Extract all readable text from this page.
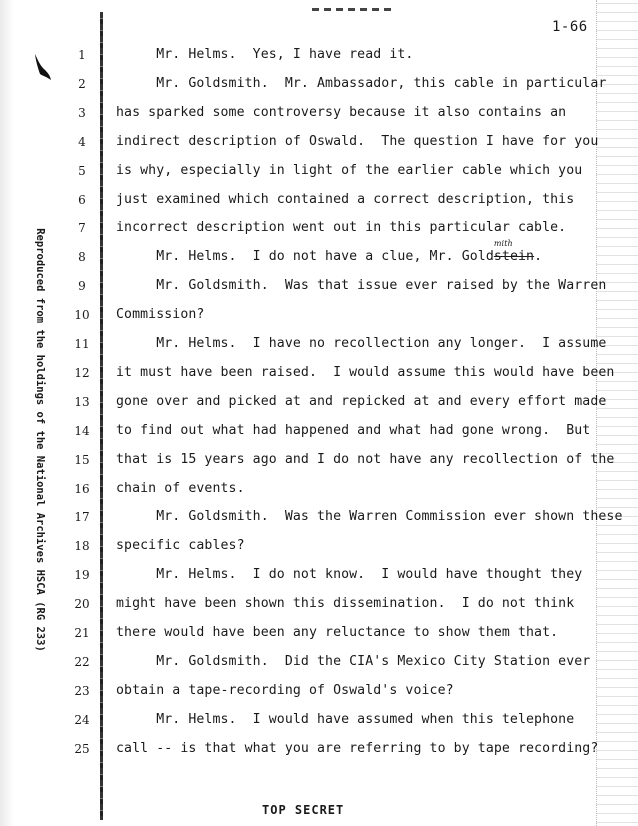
Reproduced from the holdings of the National Archives HSCA (RG 233)
1-66
1	Mr. Helms.  Yes, I have read it.
2	Mr. Goldsmith.  Mr. Ambassador, this cable in particular
3	has sparked some controversy because it also contains an
4	indirect description of Oswald.  The question I have for you
5	is why, especially in light of the earlier cable which you
6	just examined which contained a correct description, this
7	incorrect description went out in this particular cable.
8	Mr. Helms.  I do not have a clue, Mr. Gold
mith
stein.
9	Mr. Goldsmith.  Was that issue ever raised by the Warren
10	Commission?
11	Mr. Helms.  I have no recollection any longer.  I assume
12	it must have been raised.  I would assume this would have been
13	gone over and picked at and repicked at and every effort made
14	to find out what had happened and what had gone wrong.  But
15	that is 15 years ago and I do not have any recollection of the
16	chain of events.
17	Mr. Goldsmith.  Was the Warren Commission ever shown these
18	specific cables?
19	Mr. Helms.  I do not know.  I would have thought they
20	might have been shown this dissemination.  I do not think
21	there would have been any reluctance to show them that.
22	Mr. Goldsmith.  Did the CIA's Mexico City Station ever
23	obtain a tape-recording of Oswald's voice?
24	Mr. Helms.  I would have assumed when this telephone
25	call -- is that what you are referring to by tape recording?
TOP SECRET
